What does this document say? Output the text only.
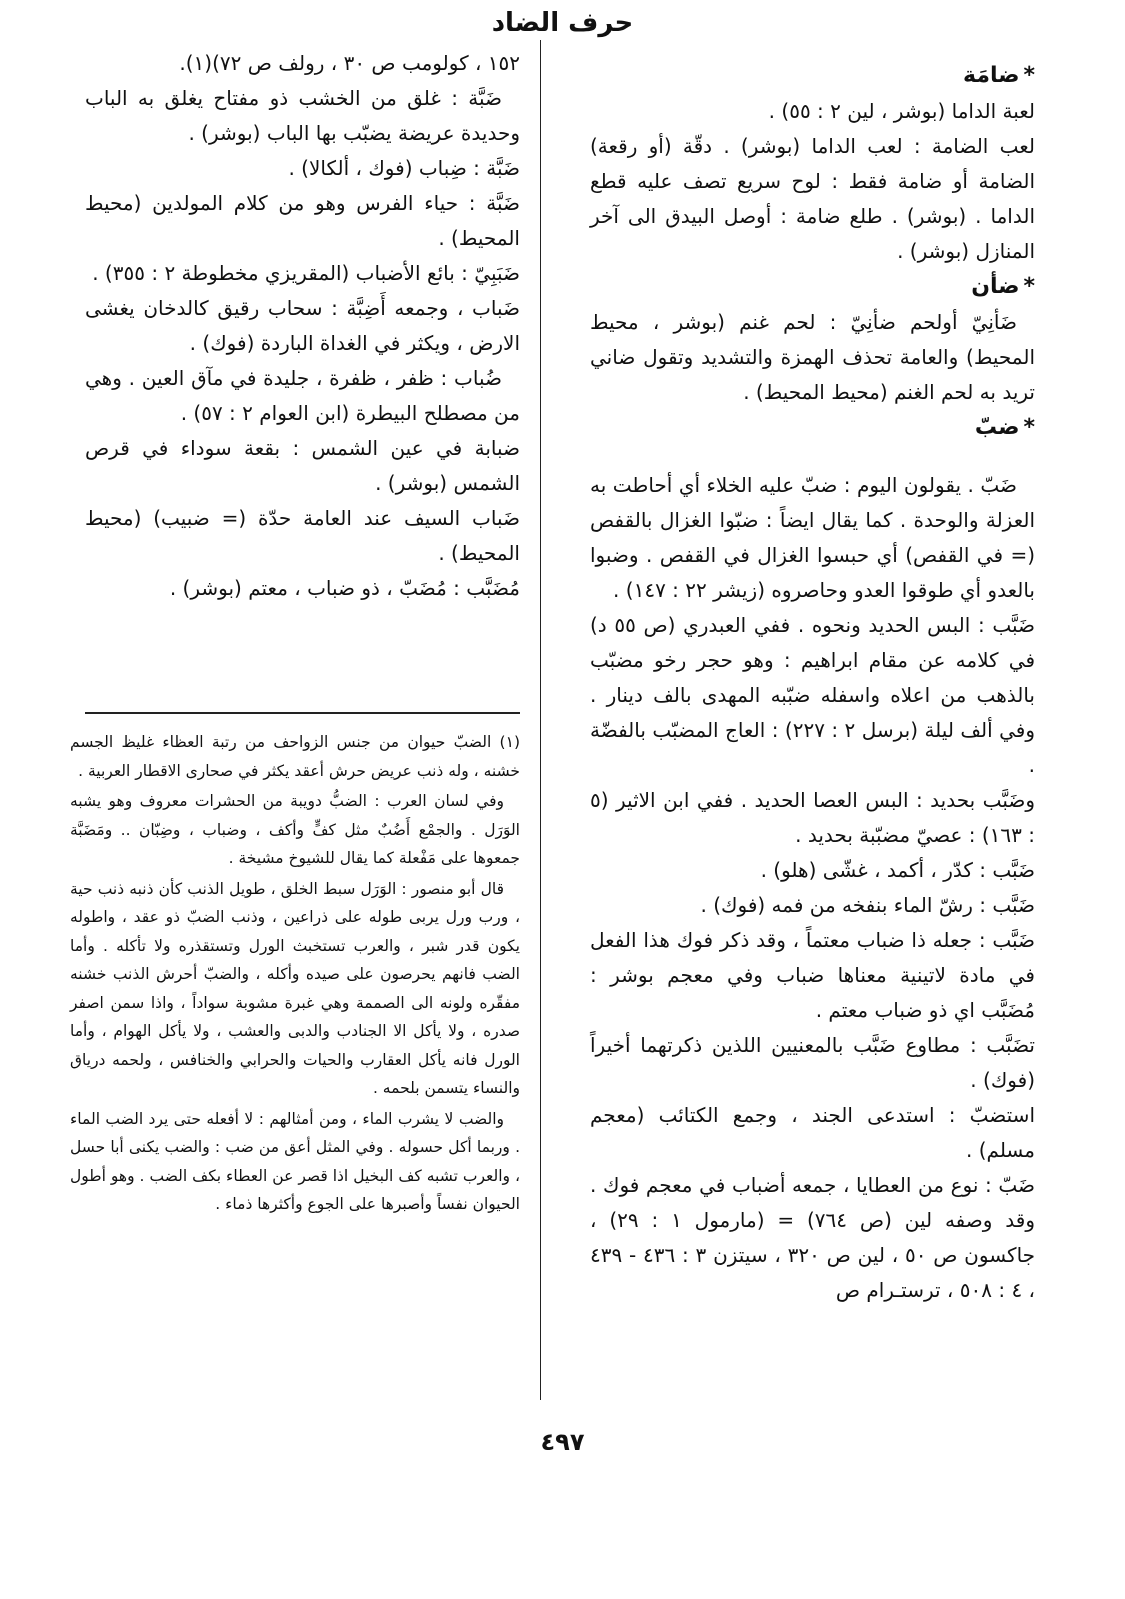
حرف الضاد
*ضامَة

لعبة الداما (بوشر ، لين ٢ : ٥٥) .

لعب الضامة : لعب الداما (بوشر) . دقّة (أو رقعة) الضامة أو ضامة فقط : لوح سريع تصف عليه قطع الداما . (بوشر) . طلع ضامة : أوصل البيدق الى آخر المنازل (بوشر) .

*ضأن

ضَأنِيّ أولحم ضأنِيّ : لحم غنم (بوشر ، محيط المحيط) والعامة تحذف الهمزة والتشديد وتقول ضاني تريد به لحم الغنم (محيط المحيط) .

*ضبّ

ضَبّ . يقولون اليوم : ضبّ عليه الخلاء أي أحاطت به العزلة والوحدة . كما يقال ايضاً : ضبّوا الغزال بالقفص (= في القفص) أي حبسوا الغزال في القفص . وضبوا بالعدو أي طوقوا العدو وحاصروه (زيشر ٢٢ : ١٤٧) .

ضَبَّب : البس الحديد ونحوه . ففي العبدري (ص ٥٥ د) في كلامه عن مقام ابراهيم : وهو حجر رخو مضبّب بالذهب من اعلاه واسفله ضبّبه المهدى بالف دينار . وفي ألف ليلة (برسل ٢ : ٢٢٧) : العاج المضبّب بالفضّة .

وضَبَّب بحديد : البس العصا الحديد . ففي ابن الاثير (٥ : ١٦٣) : عصيّ مضبّبة بحديد .

ضَبَّب : كدّر ، أكمد ، غشّى (هلو) .

ضَبَّب : رشّ الماء بنفخه من فمه (فوك) .

ضَبَّب : جعله ذا ضباب معتماً ، وقد ذكر فوك هذا الفعل في مادة لاتينية معناها ضباب وفي معجم بوشر : مُضَبَّب اي ذو ضباب معتم .

تضَبَّب : مطاوع ضَبَّب بالمعنيين اللذين ذكرتهما أخيراً (فوك) .

استضبّ : استدعى الجند ، وجمع الكتائب (معجم مسلم) .

ضَبّ : نوع من العطايا ، جمعه أضباب في معجم فوك . وقد وصفه لين (ص ٧٦٤) = (مارمول ١ : ٢٩) ، جاكسون ص ٥٠ ، لين ص ٣٢٠ ، سيتزن ٣ : ٤٣٦ - ٤٣٩ ، ٤ : ٥٠٨ ، ترستـرام ص

١٥٢ ، كولومب ص ٣٠ ، رولف ص ٧٢)(١).

ضَبَّة : غلق من الخشب ذو مفتاح يغلق به الباب وحديدة عريضة يضبّب بها الباب (بوشر) .

ضَبَّة : ضِباب (فوك ، ألكالا) .

ضَبَّة : حياء الفرس وهو من كلام المولدين (محيط المحيط) .

ضَبَبِيّ : بائع الأضباب (المقريزي مخطوطة ٢ : ٣٥٥) .

ضَباب ، وجمعه أَضِبَّة : سحاب رقيق كالدخان يغشى الارض ، ويكثر في الغداة الباردة (فوك) .

ضُباب : ظفر ، ظفرة ، جليدة في مآق العين . وهي من مصطلح البيطرة (ابن العوام ٢ : ٥٧) .

ضبابة في عين الشمس : بقعة سوداء في قرص الشمس (بوشر) .

ضَباب السيف عند العامة حدّة (= ضبيب) (محيط المحيط) .

مُضَبَّب : مُضَبّ ، ذو ضباب ، معتم (بوشر) .

(١) الضبّ حيوان من جنس الزواحف من رتبة العظاء غليظ الجسم خشنه ، وله ذنب عريض حرش أعقد يكثر في صحارى الاقطار العربية .

وفي لسان العرب : الضبُّ دويبة من الحشرات معروف وهو يشبه الوَرَل . والجمْع أَضُبٌ مثل كفٍّ وأكف ، وضباب ، وضِبّان .. ومَضَبَّة جمعوها على مَفْعلة كما يقال للشيوخ مشيخة .

قال أبو منصور : الوَرَل سبط الخلق ، طويل الذنب كأن ذنبه ذنب حية ، ورب ورل يربى طوله على ذراعين ، وذنب الضبّ ذو عقد ، واطوله يكون قدر شبر ، والعرب تستخبث الورل وتستقذره ولا تأكله . وأما الضب فانهم يحرصون على صيده وأكله ، والضبّ أحرش الذنب خشنه مفقّره ولونه الى الصممة وهي غبرة مشوبة سواداً ، واذا سمن اصفر صدره ، ولا يأكل الا الجنادب والدبى والعشب ، ولا يأكل الهوام ، وأما الورل فانه يأكل العقارب والحيات والحرابي والخنافس ، ولحمه درياق والنساء يتسمن بلحمه .

والضب لا يشرب الماء ، ومن أمثالهم : لا أفعله حتى يرد الضب الماء . وربما أكل حسوله . وفي المثل أعق من ضب : والضب يكنى أبا حسل ، والعرب تشبه كف البخيل اذا قصر عن العطاء بكف الضب . وهو أطول الحيوان نفساً وأصبرها على الجوع وأكثرها ذماء .

٤٩٧
